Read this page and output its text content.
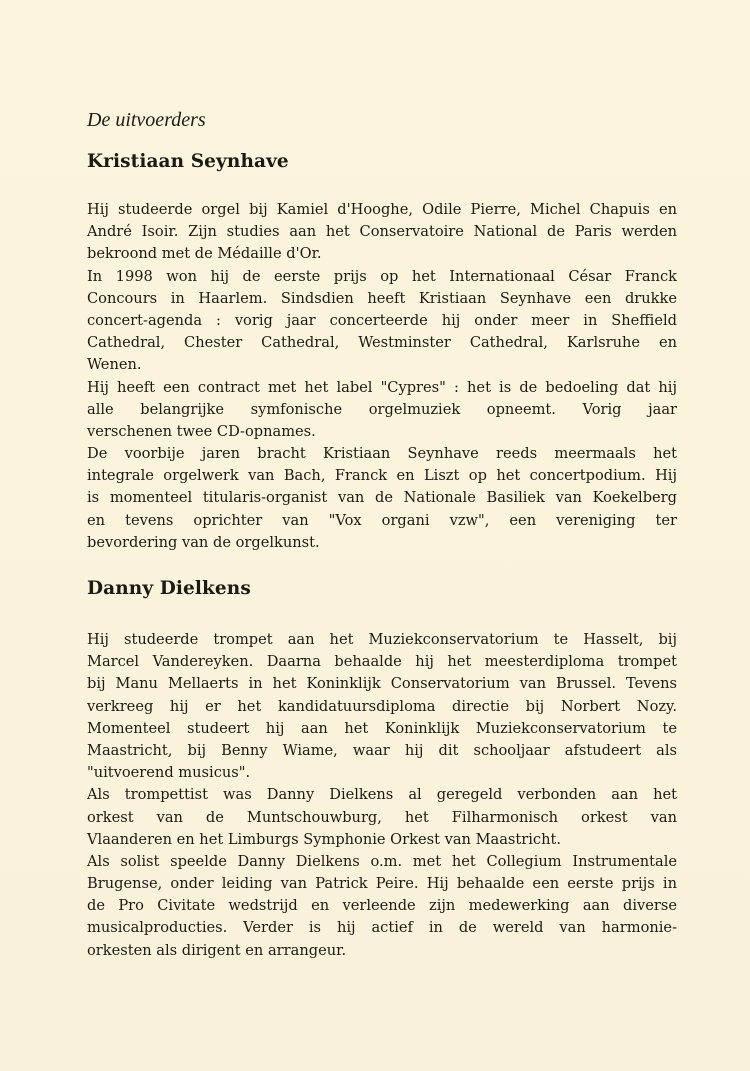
De uitvoerders
Kristiaan Seynhave
Hij studeerde orgel bij Kamiel d'Hooghe, Odile Pierre, Michel Chapuis en
André Isoir. Zijn studies aan het Conservatoire National de Paris werden
bekroond met de Médaille d'Or.
In 1998 won hij de eerste prijs op het Internationaal César Franck
Concours in Haarlem. Sindsdien heeft Kristiaan Seynhave een drukke
concert-agenda : vorig jaar concerteerde hij onder meer in Sheffield
Cathedral, Chester Cathedral, Westminster Cathedral, Karlsruhe en
Wenen.
Hij heeft een contract met het label "Cypres" : het is de bedoeling dat hij
alle belangrijke symfonische orgelmuziek opneemt. Vorig jaar
verschenen twee CD-opnames.
De voorbije jaren bracht Kristiaan Seynhave reeds meermaals het
integrale orgelwerk van Bach, Franck en Liszt op het concertpodium. Hij
is momenteel titularis-organist van de Nationale Basiliek van Koekelberg
en tevens oprichter van "Vox organi vzw", een vereniging ter
bevordering van de orgelkunst.
Danny Dielkens
Hij studeerde trompet aan het Muziekconservatorium te Hasselt, bij
Marcel Vandereyken. Daarna behaalde hij het meesterdiploma trompet
bij Manu Mellaerts in het Koninklijk Conservatorium van Brussel. Tevens
verkreeg hij er het kandidatuursdiploma directie bij Norbert Nozy.
Momenteel studeert hij aan het Koninklijk Muziekconservatorium te
Maastricht, bij Benny Wiame, waar hij dit schooljaar afstudeert als
"uitvoerend musicus".
Als trompettist was Danny Dielkens al geregeld verbonden aan het
orkest van de Muntschouwburg, het Filharmonisch orkest van
Vlaanderen en het Limburgs Symphonie Orkest van Maastricht.
Als solist speelde Danny Dielkens o.m. met het Collegium Instrumentale
Brugense, onder leiding van Patrick Peire. Hij behaalde een eerste prijs in
de Pro Civitate wedstrijd en verleende zijn medewerking aan diverse
musicalproducties. Verder is hij actief in de wereld van harmonie-
orkesten als dirigent en arrangeur.
